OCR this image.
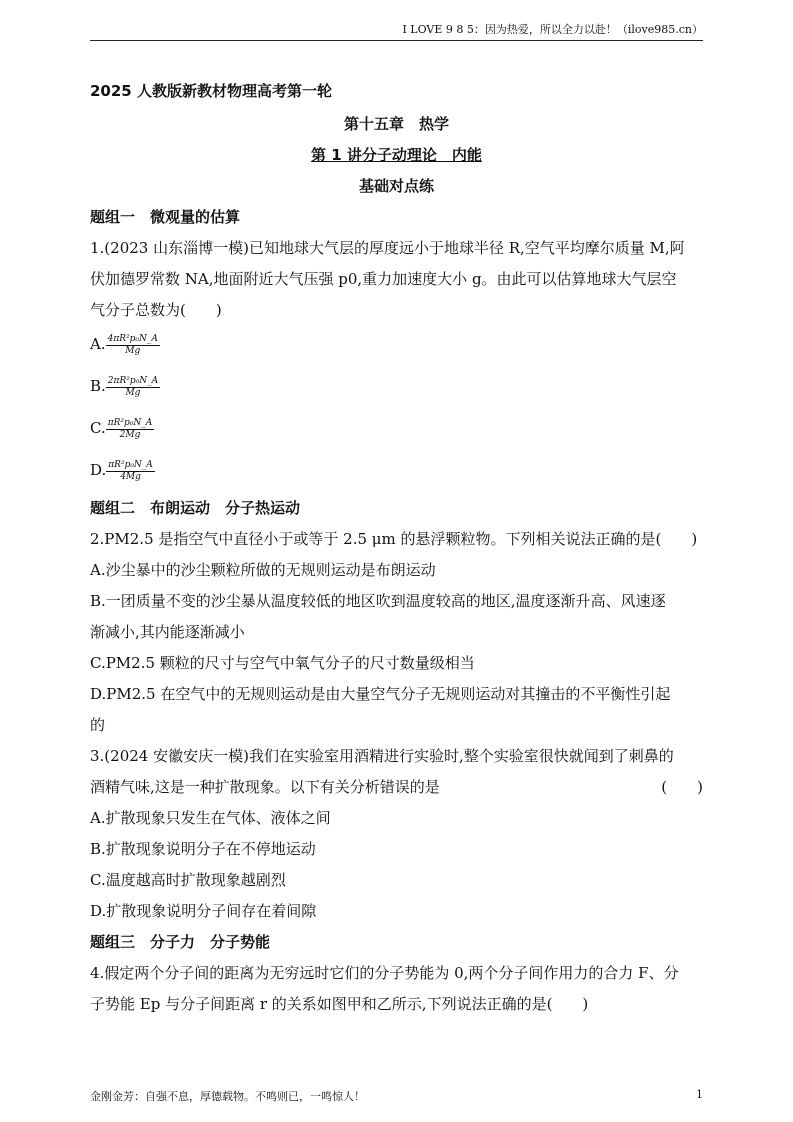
I LOVE 9 8 5：因为热爱，所以全力以赴！（ilove985.cn）
2025 人教版新教材物理高考第一轮
第十五章　热学
第 1 讲分子动理论　内能
基础对点练
题组一　微观量的估算
1.(2023 山东淄博一模)已知地球大气层的厚度远小于地球半径 R,空气平均摩尔质量 M,阿
伏加德罗常数 NA,地面附近大气压强 p0,重力加速度大小 g。由此可以估算地球大气层空
气分子总数为(　　)
A. $\frac{\text{4πR²p₀N\_A}}{Mg}$
B. $\frac{\text{2πR²p₀N\_A}}{Mg}$
C. $\frac{\text{πR²p₀N\_A}}{2Mg}$
D. $\frac{\text{πR²p₀N\_A}}{4Mg}$
题组二　布朗运动　分子热运动
2.PM2.5 是指空气中直径小于或等于 2.5 μm 的悬浮颗粒物。下列相关说法正确的是(　　)
A.沙尘暴中的沙尘颗粒所做的无规则运动是布朗运动
B.一团质量不变的沙尘暴从温度较低的地区吹到温度较高的地区,温度逐渐升高、风速逐
渐减小,其内能逐渐减小
C.PM2.5 颗粒的尺寸与空气中氧气分子的尺寸数量级相当
D.PM2.5 在空气中的无规则运动是由大量空气分子无规则运动对其撞击的不平衡性引起
的
3.(2024 安徽安庆一模)我们在实验室用酒精进行实验时,整个实验室很快就闻到了刺鼻的
酒精气味,这是一种扩散现象。以下有关分析错误的是	(　　)
A.扩散现象只发生在气体、液体之间
B.扩散现象说明分子在不停地运动
C.温度越高时扩散现象越剧烈
D.扩散现象说明分子间存在着间隙
题组三　分子力　分子势能
4.假定两个分子间的距离为无穷远时它们的分子势能为 0,两个分子间作用力的合力 F、分
子势能 Ep 与分子间距离 r 的关系如图甲和乙所示,下列说法正确的是(　　)
金刚金芳：自强不息，厚德载物。不鸣则已，一鸣惊人！	1
